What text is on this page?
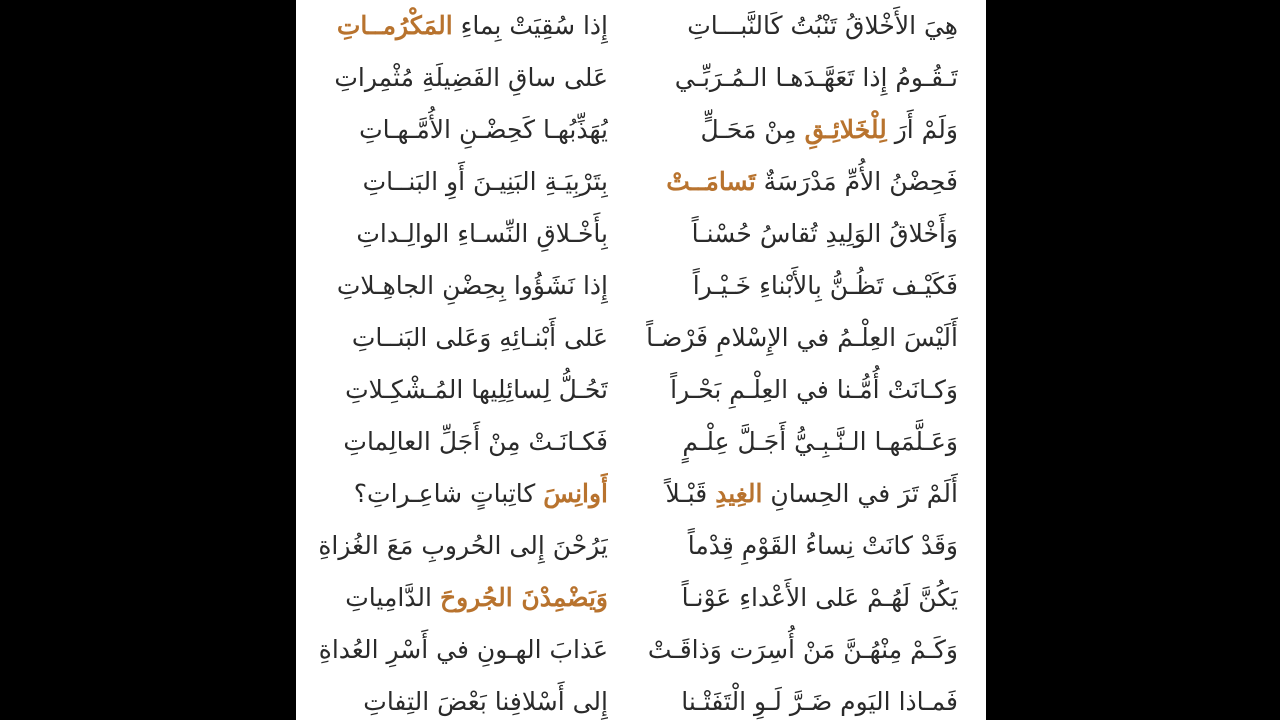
هِيَ الأَخْلاقُ تَنْبُتُ كَالنَّبـــاتِ
إِذا سُقِيَتْ بِماءِ المَكْرُمــاتِ
تَـقُـومُ إِذا تَعَهَّـدَهـا الـمُـرَبِّـي
عَلى ساقِ الفَضِيلَةِ مُثْمِراتِ
وَلَمْ أَرَ لِلْخَلائِـقِ مِنْ مَحَـلٍّ
يُهَذِّبُهـا كَحِضْـنِ الأُمَّـهـاتِ
فَحِضْنُ الأُمِّ مَدْرَسَةٌ تَسامَــتْ
بِتَرْبِيَـةِ البَنِيـنَ أَوِ البَنــاتِ
وَأَخْلاقُ الوَلِيدِ تُقاسُ حُسْنـاً
بِأَخْـلاقِ النِّسـاءِ الوالِـداتِ
فَكَيْـف تَظُـنُّ بِالأَبْناءِ خَـيْـراً
إِذا نَشَؤُوا بِحِضْنِ الجاهِـلاتِ
أَلَيْسَ العِلْـمُ في الإِسْلامِ فَرْضـاً
عَلى أَبْنـائِهِ وَعَلى البَنــاتِ
وَكـانَتْ أُمُّـنا في العِلْـمِ بَحْـراً
تَحُـلُّ لِسائِلِيها المُـشْكِـلاتِ
وَعَـلَّمَهـا الـنَّـبِـيُّ أَجَـلَّ عِلْـمٍ
فَكـانَـتْ مِنْ أَجَلِّ العالِماتِ
أَلَمْ تَرَ في الحِسانِ الغِيدِ قَبْـلاً
أَوانِسَ كاتِباتٍ شاعِـراتِ؟
وَقَدْ كانَتْ نِساءُ القَوْمِ قِدْماً
يَرُحْنَ إِلى الحُروبِ مَعَ الغُزاةِ
يَكُنَّ لَهُـمْ عَلى الأَعْداءِ عَوْنـاً
وَيَضْمِدْنَ الجُروحَ الدَّامِياتِ
وَكَـمْ مِنْهُـنَّ مَنْ أُسِرَت وَذاقَـتْ
عَذابَ الهـونِ في أَسْرِ العُداةِ
فَمـاذا اليَوم ضَـرَّ لَـوِ الْتَفَتْـنا
إِلى أَسْلافِنا بَعْضَ التِفاتِ
